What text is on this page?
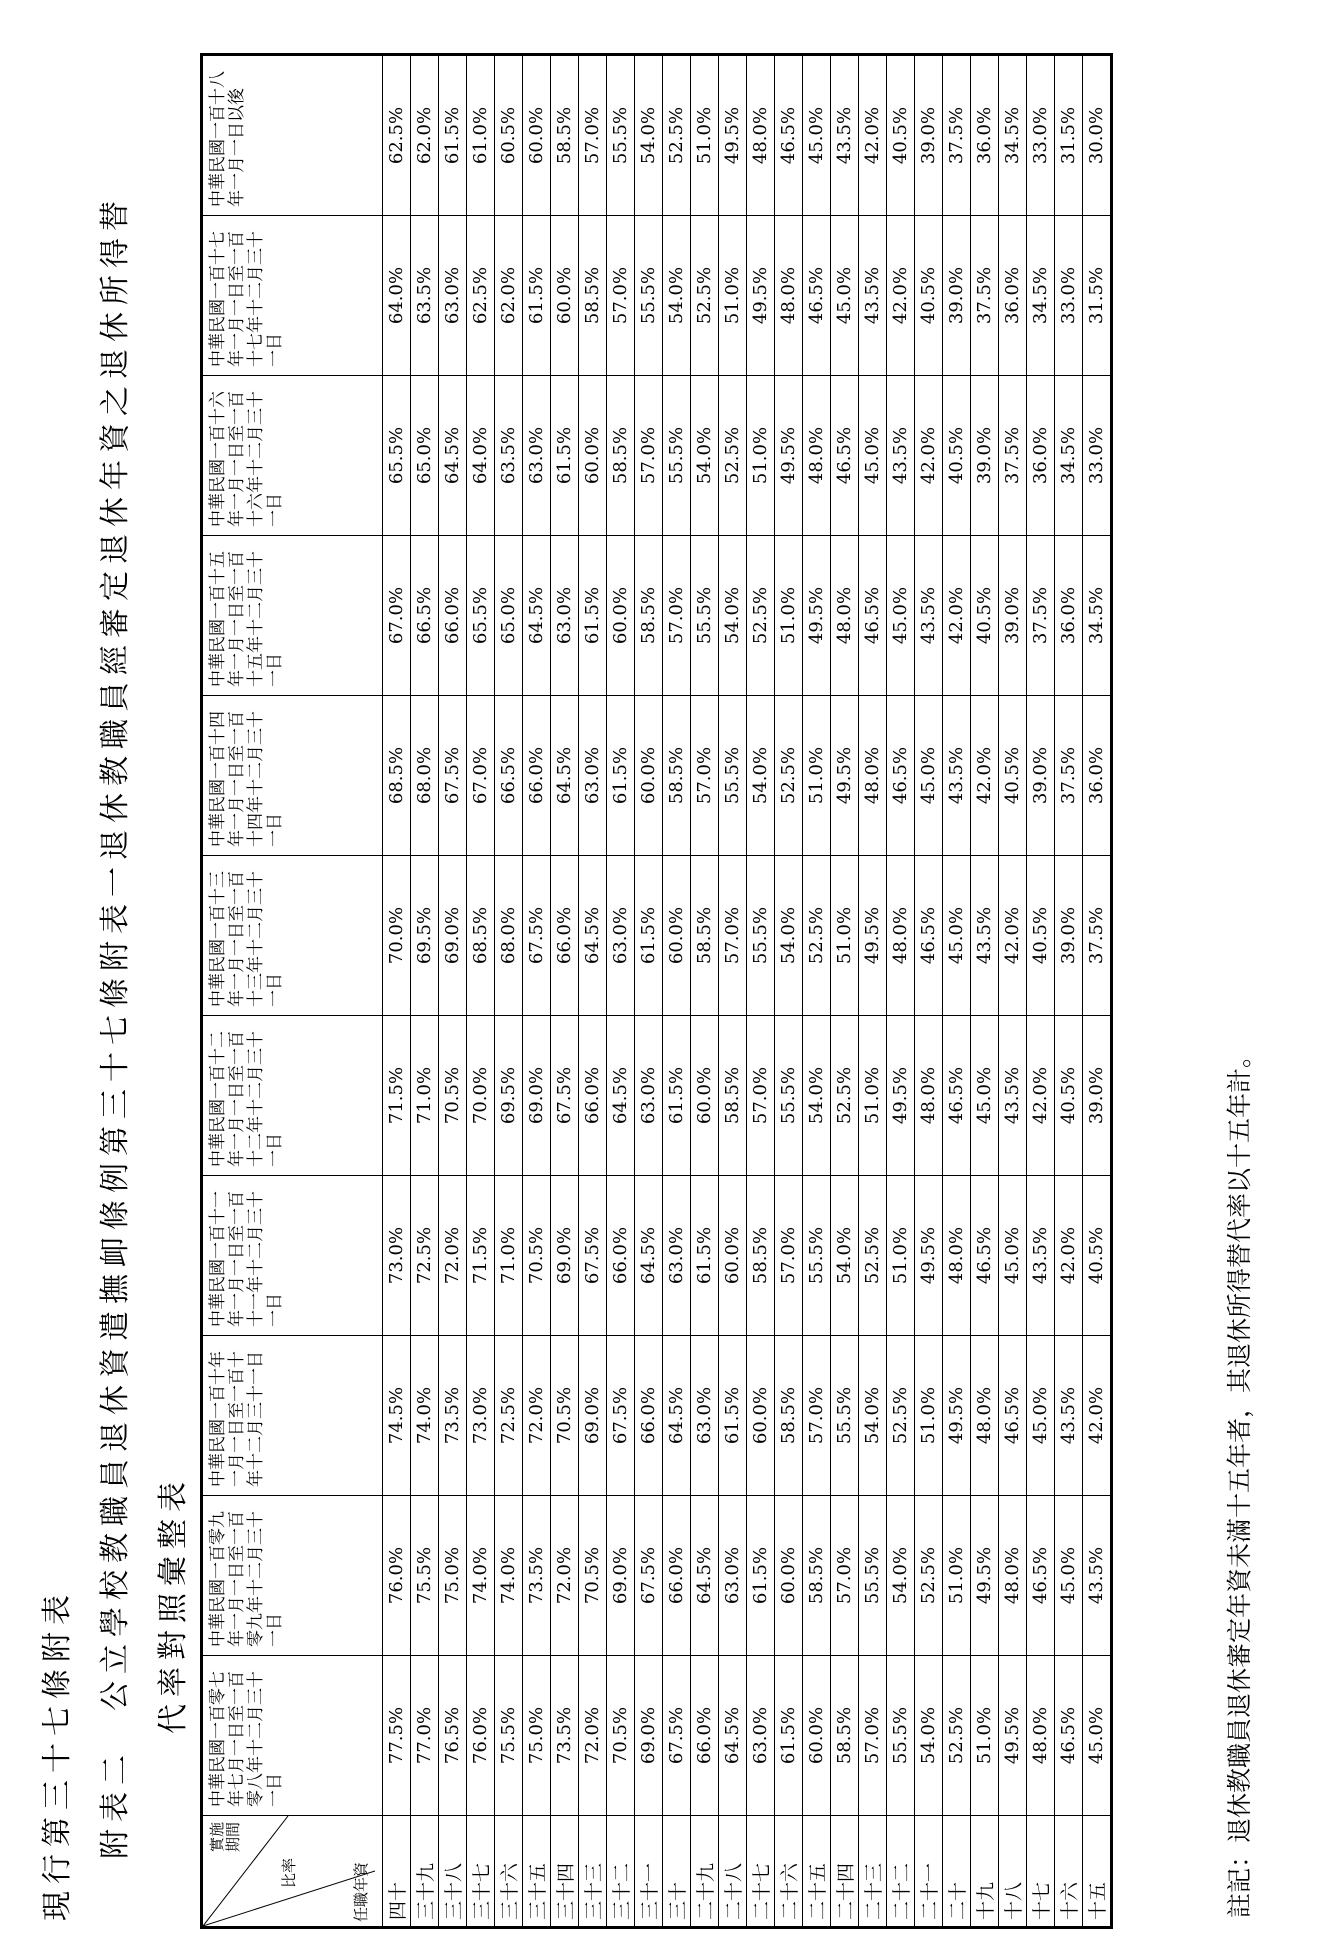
現行第三十七條附表 附表二　公立學校教職員退休資遣撫卹條例第三十七條附表一退休教職員經審定退休年資之退休所得替 代率對照彙整表
實施期間
比率 任職年資	中華民國一百零七年七月一日至一百零八年十二月三十一日	中華民國一百零九年一月一日至一百零九年十二月三十一日	中華民國一百十年一月一日至一百十年十二月三十一日	中華民國一百十一年一月一日至一百十一年十二月三十一日	中華民國一百十二年一月一日至一百十二年十二月三十一日	中華民國一百十三年一月一日至一百十三年十二月三十一日	中華民國一百十四年一月一日至一百十四年十二月三十一日	中華民國一百十五年一月一日至一百十五年十二月三十一日	中華民國一百十六年一月一日至一百十六年十二月三十一日	中華民國一百十七年一月一日至一百十七年十二月三十一日	中華民國一百十八年一月一日以後
四十	77.5%	76.0%	74.5%	73.0%	71.5%	70.0%	68.5%	67.0%	65.5%	64.0%	62.5%
三十九	77.0%	75.5%	74.0%	72.5%	71.0%	69.5%	68.0%	66.5%	65.0%	63.5%	62.0%
三十八	76.5%	75.0%	73.5%	72.0%	70.5%	69.0%	67.5%	66.0%	64.5%	63.0%	61.5%
三十七	76.0%	74.0%	73.0%	71.5%	70.0%	68.5%	67.0%	65.5%	64.0%	62.5%	61.0%
三十六	75.5%	74.0%	72.5%	71.0%	69.5%	68.0%	66.5%	65.0%	63.5%	62.0%	60.5%
三十五	75.0%	73.5%	72.0%	70.5%	69.0%	67.5%	66.0%	64.5%	63.0%	61.5%	60.0%
三十四	73.5%	72.0%	70.5%	69.0%	67.5%	66.0%	64.5%	63.0%	61.5%	60.0%	58.5%
三十三	72.0%	70.5%	69.0%	67.5%	66.0%	64.5%	63.0%	61.5%	60.0%	58.5%	57.0%
三十二	70.5%	69.0%	67.5%	66.0%	64.5%	63.0%	61.5%	60.0%	58.5%	57.0%	55.5%
三十一	69.0%	67.5%	66.0%	64.5%	63.0%	61.5%	60.0%	58.5%	57.0%	55.5%	54.0%
三十	67.5%	66.0%	64.5%	63.0%	61.5%	60.0%	58.5%	57.0%	55.5%	54.0%	52.5%
二十九	66.0%	64.5%	63.0%	61.5%	60.0%	58.5%	57.0%	55.5%	54.0%	52.5%	51.0%
二十八	64.5%	63.0%	61.5%	60.0%	58.5%	57.0%	55.5%	54.0%	52.5%	51.0%	49.5%
二十七	63.0%	61.5%	60.0%	58.5%	57.0%	55.5%	54.0%	52.5%	51.0%	49.5%	48.0%
二十六	61.5%	60.0%	58.5%	57.0%	55.5%	54.0%	52.5%	51.0%	49.5%	48.0%	46.5%
二十五	60.0%	58.5%	57.0%	55.5%	54.0%	52.5%	51.0%	49.5%	48.0%	46.5%	45.0%
二十四	58.5%	57.0%	55.5%	54.0%	52.5%	51.0%	49.5%	48.0%	46.5%	45.0%	43.5%
二十三	57.0%	55.5%	54.0%	52.5%	51.0%	49.5%	48.0%	46.5%	45.0%	43.5%	42.0%
二十二	55.5%	54.0%	52.5%	51.0%	49.5%	48.0%	46.5%	45.0%	43.5%	42.0%	40.5%
二十一	54.0%	52.5%	51.0%	49.5%	48.0%	46.5%	45.0%	43.5%	42.0%	40.5%	39.0%
二十	52.5%	51.0%	49.5%	48.0%	46.5%	45.0%	43.5%	42.0%	40.5%	39.0%	37.5%
十九	51.0%	49.5%	48.0%	46.5%	45.0%	43.5%	42.0%	40.5%	39.0%	37.5%	36.0%
十八	49.5%	48.0%	46.5%	45.0%	43.5%	42.0%	40.5%	39.0%	37.5%	36.0%	34.5%
十七	48.0%	46.5%	45.0%	43.5%	42.0%	40.5%	39.0%	37.5%	36.0%	34.5%	33.0%
十六	46.5%	45.0%	43.5%	42.0%	40.5%	39.0%	37.5%	36.0%	34.5%	33.0%	31.5%
十五	45.0%	43.5%	42.0%	40.5%	39.0%	37.5%	36.0%	34.5%	33.0%	31.5%	30.0%
註記：退休教職員退休審定年資未滿十五年者，其退休所得替代率以十五年計。
